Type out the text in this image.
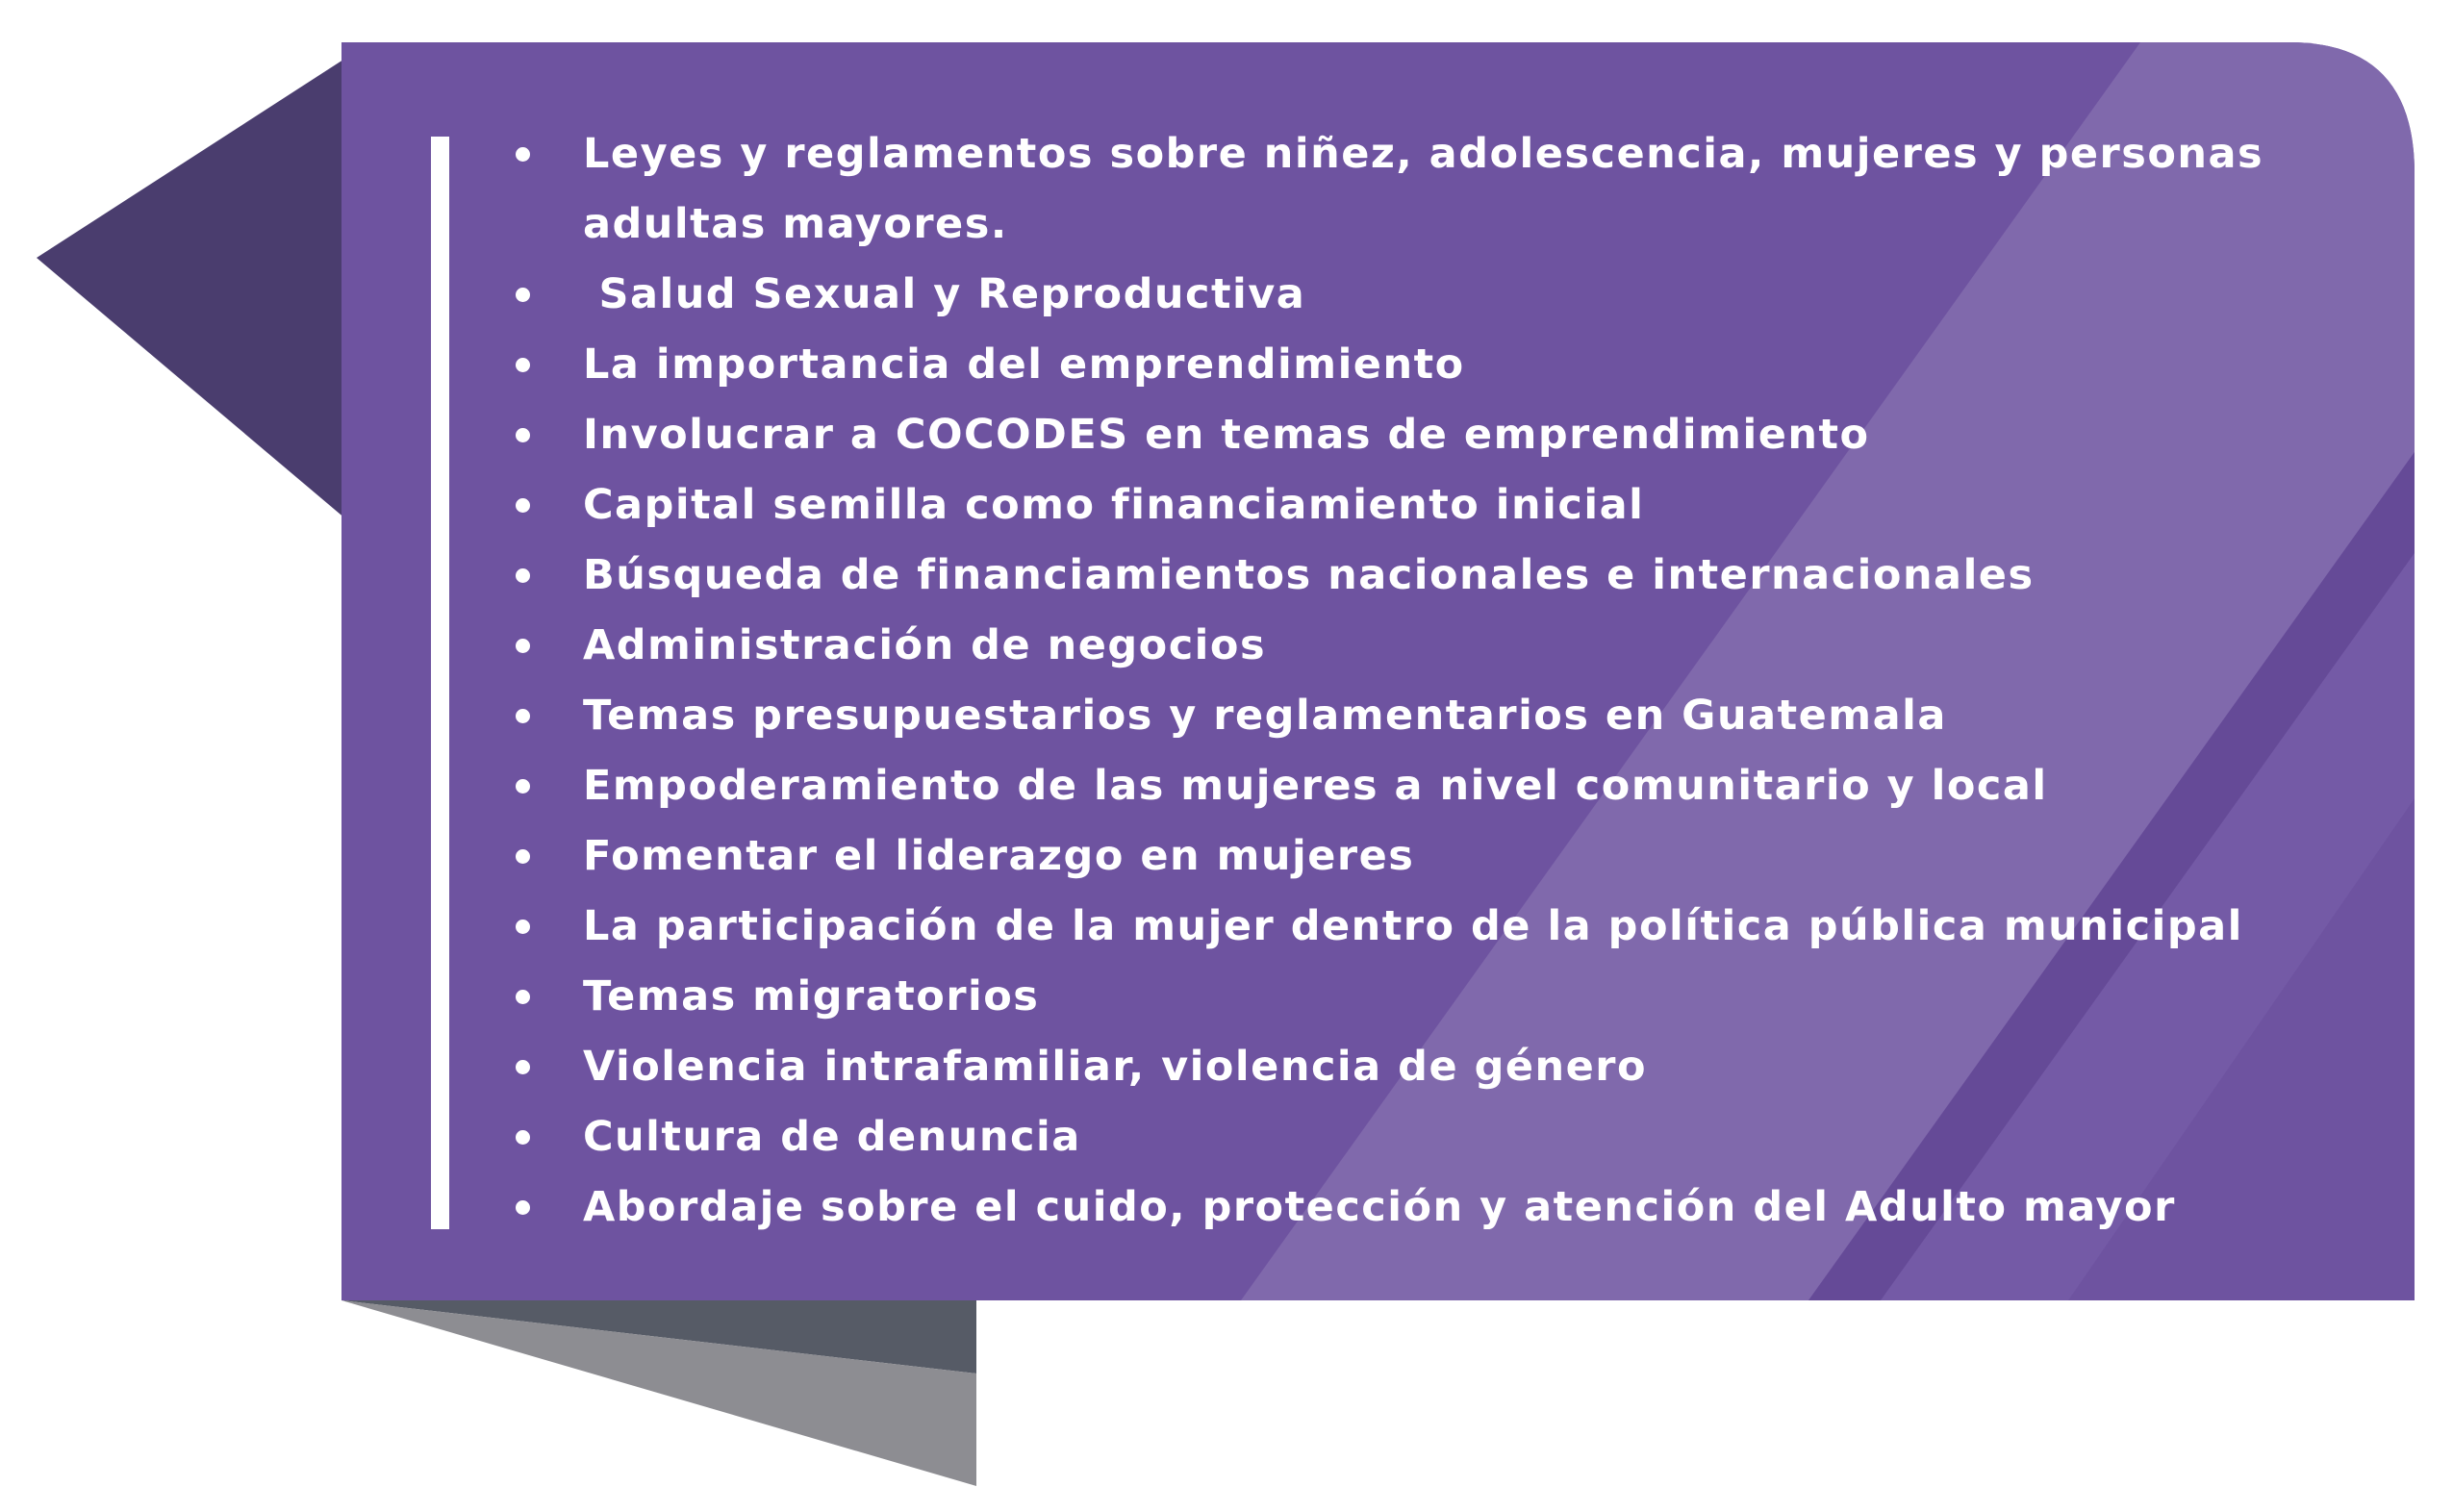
Leyes y reglamentos sobre niñez, adolescencia, mujeres y personas adultas mayores.
Salud Sexual y Reproductiva
La importancia del emprendimiento
Involucrar a COCODES en temas de emprendimiento
Capital semilla como financiamiento inicial
Búsqueda de financiamientos nacionales e internacionales
Administración de negocios
Temas presupuestarios y reglamentarios en Guatemala
Empoderamiento de las mujeres a nivel comunitario y local
Fomentar el liderazgo en mujeres
La participación de la mujer dentro de la política pública municipal
Temas migratorios
Violencia intrafamiliar, violencia de género
Cultura de denuncia
Abordaje sobre el cuido, protección y atención del Adulto mayor
